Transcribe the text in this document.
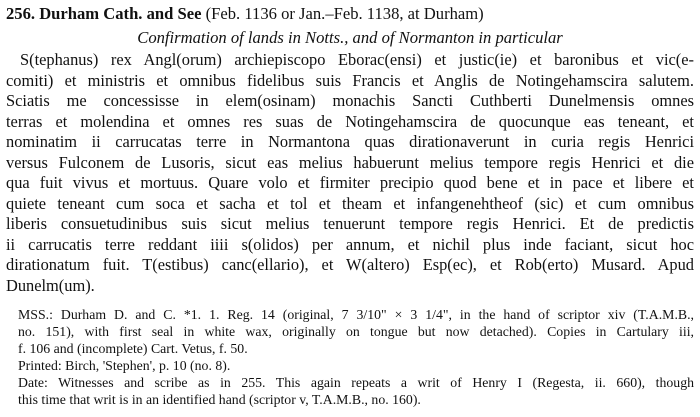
256. Durham Cath. and See (Feb. 1136 or Jan.–Feb. 1138, at Durham)
Confirmation of lands in Notts., and of Normanton in particular
S(tephanus) rex Angl(orum) archiepiscopo Eborac(ensi) et justic(ie) et baronibus et vic(e-
comiti) et ministris et omnibus fidelibus suis Francis et Anglis de Notingehamscira salutem.
Sciatis me concessisse in elem(osinam) monachis Sancti Cuthberti Dunelmensis omnes
terras et molendina et omnes res suas de Notingehamscira de quocunque eas teneant, et
nominatim ii carrucatas terre in Normantona quas dirationaverunt in curia regis Henrici
versus Fulconem de Lusoris, sicut eas melius habuerunt melius tempore regis Henrici et die
qua fuit vivus et mortuus. Quare volo et firmiter precipio quod bene et in pace et libere et
quiete teneant cum soca et sacha et tol et theam et infangenehtheof (sic) et cum omnibus
liberis consuetudinibus suis sicut melius tenuerunt tempore regis Henrici. Et de predictis
ii carrucatis terre reddant iiii s(olidos) per annum, et nichil plus inde faciant, sicut hoc
dirationatum fuit. T(estibus) canc(ellario), et W(altero) Esp(ec), et Rob(erto) Musard. Apud
Dunelm(um).
MSS.: Durham D. and C. *1. 1. Reg. 14 (original, 7 3/10" × 3 1/4", in the hand of scriptor xiv (T.A.M.B.,
no. 151), with first seal in white wax, originally on tongue but now detached). Copies in Cartulary iii,
f. 106 and (incomplete) Cart. Vetus, f. 50.
Printed: Birch, 'Stephen', p. 10 (no. 8).
Date: Witnesses and scribe as in 255. This again repeats a writ of Henry I (Regesta, ii. 660), though
this time that writ is in an identified hand (scriptor v, T.A.M.B., no. 160).
